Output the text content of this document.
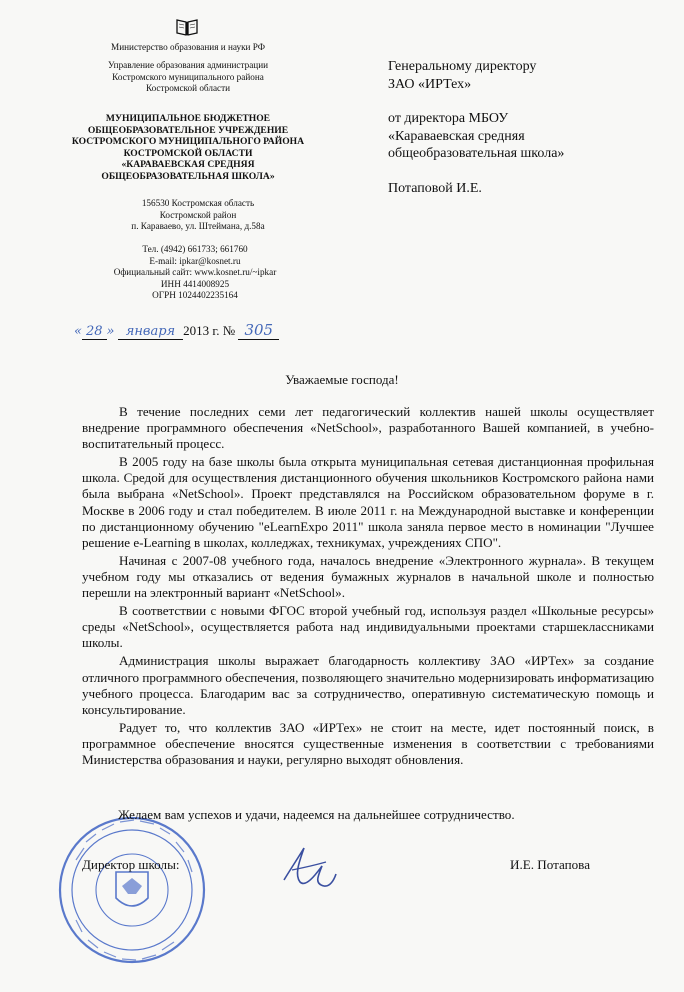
Министерство образования и науки РФ
Управление образования администрации
Костромского муниципального района
Костромской области
МУНИЦИПАЛЬНОЕ БЮДЖЕТНОЕ
ОБЩЕОБРАЗОВАТЕЛЬНОЕ УЧРЕЖДЕНИЕ
КОСТРОМСКОГО МУНИЦИПАЛЬНОГО РАЙОНА
КОСТРОМСКОЙ ОБЛАСТИ
«КАРАВАЕВСКАЯ СРЕДНЯЯ
ОБЩЕОБРАЗОВАТЕЛЬНАЯ ШКОЛА»
156530 Костромская область
Костромской район
п. Караваево, ул. Штеймана, д.58а
Тел. (4942) 661733; 661760
E-mail: ipkar@kosnet.ru
Официальный сайт: www.kosnet.ru/~ipkar
ИНН 4414008925
ОГРН 1024402235164
« 28 » января 2013 г. № 305
Генеральному директору
ЗАО «ИРТех»
от директора МБОУ
«Караваевская средняя
общеобразовательная школа»
Потаповой И.Е.
Уважаемые господа!

В течение последних семи лет педагогический коллектив нашей школы осуществляет внедрение программного обеспечения «NetSchool», разработанного Вашей компанией, в учебно-воспитательный процесс.

В 2005 году на базе школы была открыта муниципальная сетевая дистанционная профильная школа. Средой для осуществления дистанционного обучения школьников Костромского района нами была выбрана «NetSchool». Проект представлялся на Российском образовательном форуме в г. Москве в 2006 году и стал победителем. В июле 2011 г. на Международной выставке и конференции по дистанционному обучению "eLearnExpo 2011" школа заняла первое место в номинации "Лучшее решение e-Learning в школах, колледжах, техникумах, учреждениях СПО".

Начиная с 2007-08 учебного года, началось внедрение «Электронного журнала». В текущем учебном году мы отказались от ведения бумажных журналов в начальной школе и полностью перешли на электронный вариант «NetSchool».

В соответствии с новыми ФГОС второй учебный год, используя раздел «Школьные ресурсы» среды «NetSchool», осуществляется работа над индивидуальными проектами старшеклассниками школы.

Администрация школы выражает благодарность коллективу ЗАО «ИРТех» за создание отличного программного обеспечения, позволяющего значительно модернизировать информатизацию учебного процесса. Благодарим вас за сотрудничество, оперативную систематическую помощь и консультирование.

Радует то, что коллектив ЗАО «ИРТех» не стоит на месте, идет постоянный поиск, в программное обеспечение вносятся существенные изменения в соответствии с требованиями Министерства образования и науки, регулярно выходят обновления.

Желаем вам успехов и удачи, надеемся на дальнейшее сотрудничество.
Директор школы:	И.Е. Потапова
